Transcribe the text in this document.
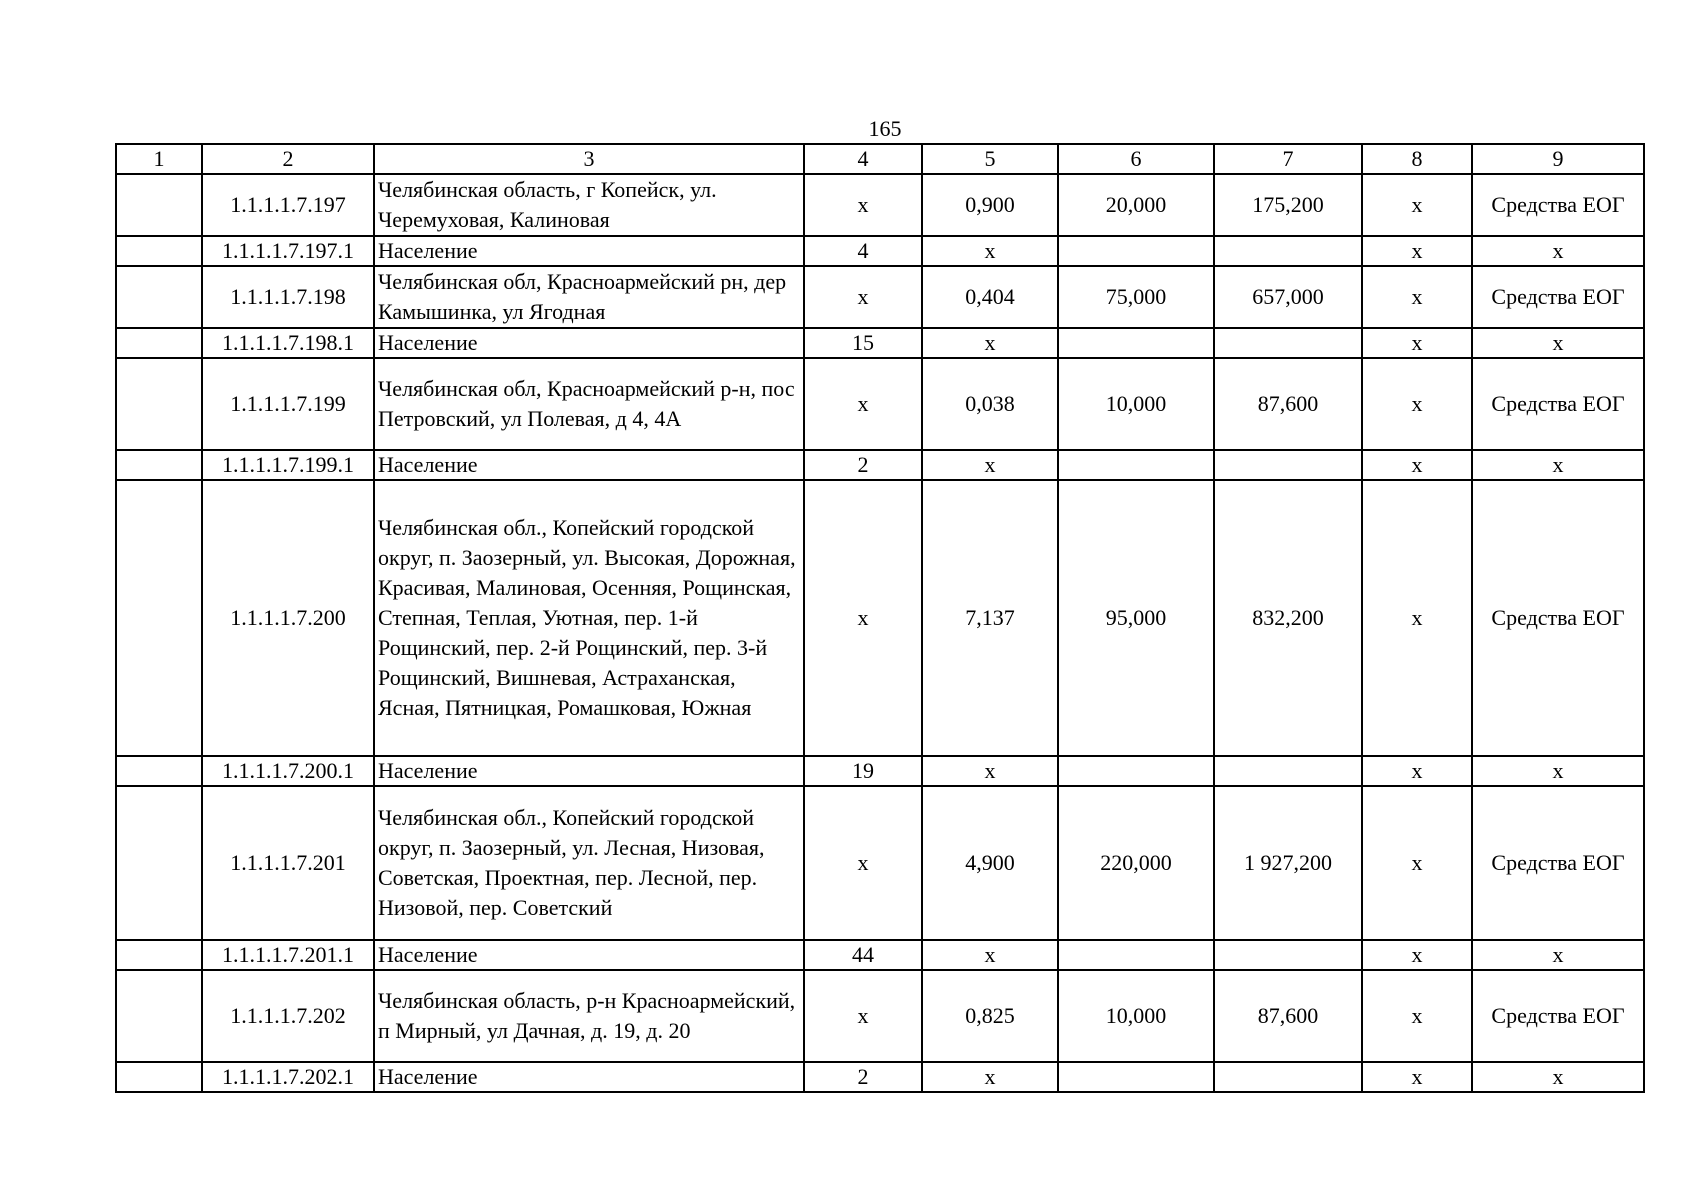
165
1	2	3	4	5	6	7	8	9
	1.1.1.1.7.197	Челябинская область, г Копейск, ул. Черемуховая, Калиновая	x	0,900	20,000	175,200	x	Средства ЕОГ
	1.1.1.1.7.197.1	Население	4	x			x	x
	1.1.1.1.7.198	Челябинская обл, Красноармейский рн, дер Камышинка, ул Ягодная	x	0,404	75,000	657,000	x	Средства ЕОГ
	1.1.1.1.7.198.1	Население	15	x			x	x
	1.1.1.1.7.199	Челябинская обл, Красноармейский р-н, пос Петровский, ул Полевая, д 4, 4А	x	0,038	10,000	87,600	x	Средства ЕОГ
	1.1.1.1.7.199.1	Население	2	x			x	x
	1.1.1.1.7.200	Челябинская обл., Копейский городской округ, п. Заозерный, ул. Высокая, Дорожная, Красивая, Малиновая, Осенняя, Рощинская, Степная, Теплая, Уютная, пер. 1-й Рощинский, пер. 2-й Рощинский, пер. 3-й Рощинский, Вишневая, Астраханская, Ясная, Пятницкая, Ромашковая, Южная	x	7,137	95,000	832,200	x	Средства ЕОГ
	1.1.1.1.7.200.1	Население	19	x			x	x
	1.1.1.1.7.201	Челябинская обл., Копейский городской округ, п. Заозерный, ул. Лесная, Низовая, Советская, Проектная, пер. Лесной, пер. Низовой, пер. Советский	x	4,900	220,000	1 927,200	x	Средства ЕОГ
	1.1.1.1.7.201.1	Население	44	x			x	x
	1.1.1.1.7.202	Челябинская область, р-н Красноармейский, п Мирный, ул Дачная, д. 19, д. 20	x	0,825	10,000	87,600	x	Средства ЕОГ
	1.1.1.1.7.202.1	Население	2	x			x	x
